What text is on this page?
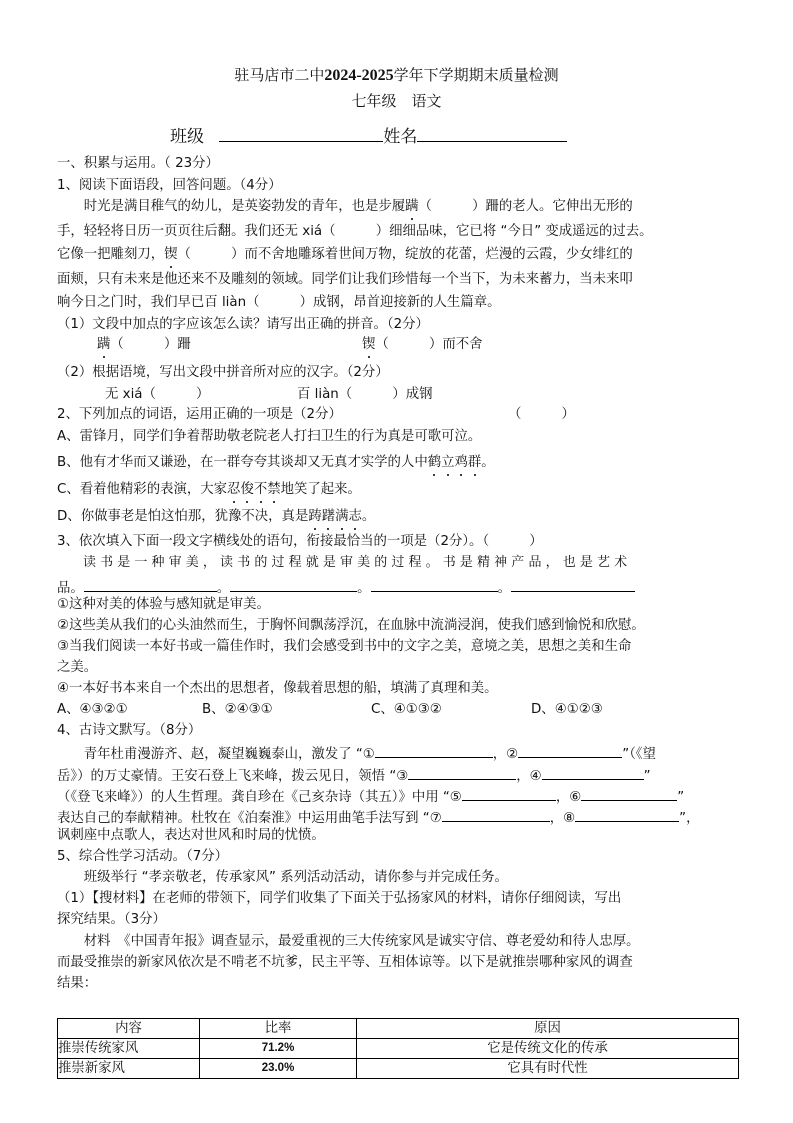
驻马店市二中2024-2025学年下学期期末质量检测
七年级　语文
班级	姓名
一、积累与运用。（ 23分）
1、阅读下面语段，回答问题。（4分）
　　时光是满目稚气的幼儿，是英姿勃发的青年，也是步履蹒（　　　）跚的老人。它伸出无形的
手，轻轻将日历一页页往后翻。我们还无 xiá（　　　）细细品味，它已将 “今日” 变成遥远的过去。
它像一把雕刻刀，锲（　　　）而不舍地雕琢着世间万物，绽放的花蕾，烂漫的云霞，少女绯红的
面颊，只有未来是他还来不及雕刻的领域。同学们让我们珍惜每一个当下，为未来蓄力，当未来叩
响今日之门时，我们早已百 liàn（　　　）成钢，昂首迎接新的人生篇章。
（1）文段中加点的字应该怎么读？请写出正确的拼音。（2分）
蹒（　　　）跚	锲（　　　）而不舍
（2）根据语境，写出文段中拼音所对应的汉字。（2分）
无 xiá（　　　）	百 liàn（　　　）成钢
2、下列加点的词语，运用正确的一项是（2分）	（　　　）
A、雷锋月，同学们争着帮助敬老院老人打扫卫生的行为真是可歌可泣。
B、他有才华而又谦逊，在一群夸夸其谈却又无真才实学的人中鹤立鸡群。
C、看着他精彩的表演，大家忍俊不禁地笑了起来。
D、你做事老是怕这怕那，犹豫不决，真是踌躇满志。
3、依次填入下面一段文字横线处的语句，衔接最恰当的一项是（2分）。（　　　）
　　读 书 是 一 种 审 美 ， 读 书 的 过 程 就 是 审 美 的 过 程 。 书 是 精 神 产 品 ， 也 是 艺 术
品。	。	。	。
①这种对美的体验与感知就是审美。
②这些美从我们的心头油然而生，于胸怀间飘荡浮沉，在血脉中流淌浸润，使我们感到愉悦和欣慰。
③当我们阅读一本好书或一篇佳作时，我们会感受到书中的文字之美，意境之美，思想之美和生命
之美。
④一本好书本来自一个杰出的思想者，像载着思想的船，填满了真理和美。
A、④③②①	B、②④③①	C、④①③②	D、④①②③
4、古诗文默写。（8分）
　　青年杜甫漫游齐、赵，凝望巍巍泰山，激发了 “①	，②	”（《望
岳》）的万丈豪情。王安石登上飞来峰，拨云见日，领悟 “③	，④	”
（《登飞来峰》）的人生哲理。龚自珍在《己亥杂诗（其五）》中用 “⑤	，⑥	”
表达自己的奉献精神。杜牧在《泊秦淮》中运用曲笔手法写到 “⑦	，⑧	”，
讽刺座中点歌人，表达对世风和时局的忧愤。
5、综合性学习活动。（7分）
　　班级举行 “孝亲敬老，传承家风” 系列活动活动，请你参与并完成任务。
（1）【搜材料】在老师的带领下，同学们收集了下面关于弘扬家风的材料，请你仔细阅读，写出
探究结果。（3分）
　　材料　《中国青年报》调查显示，最爱重视的三大传统家风是诚实守信、尊老爱幼和待人忠厚。
而最受推崇的新家风依次是不啃老不坑爹，民主平等、互相体谅等。以下是就推崇哪种家风的调查
结果：
内容	比率	原因
推崇传统家风	71.2%	它是传统文化的传承
推崇新家风	23.0%	它具有时代性
